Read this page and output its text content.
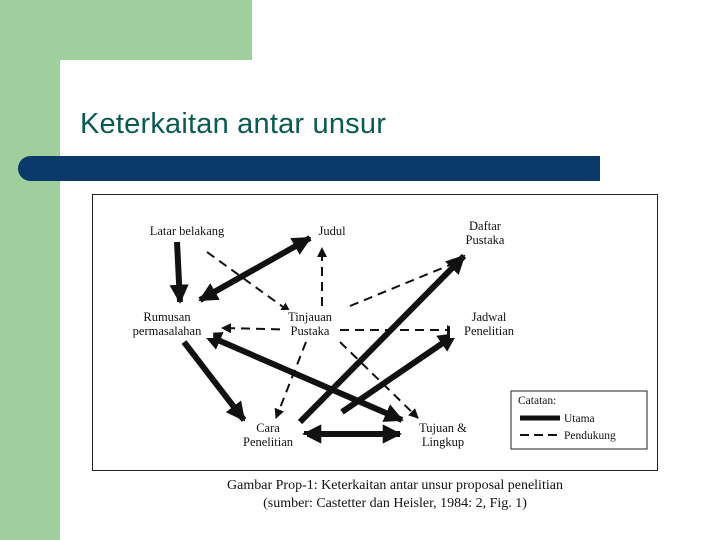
Keterkaitan antar unsur
Latar belakang	Judul	Daftar
Pustaka
Rumusan
permasalahan
Tinjauan
Pustaka
Jadwal
Penelitian
Cara
Penelitian
Tujuan &
Lingkup
Catatan:
Utama
Pendukung
Gambar Prop-1: Keterkaitan antar unsur proposal penelitian
(sumber: Castetter dan Heisler, 1984: 2, Fig. 1)
